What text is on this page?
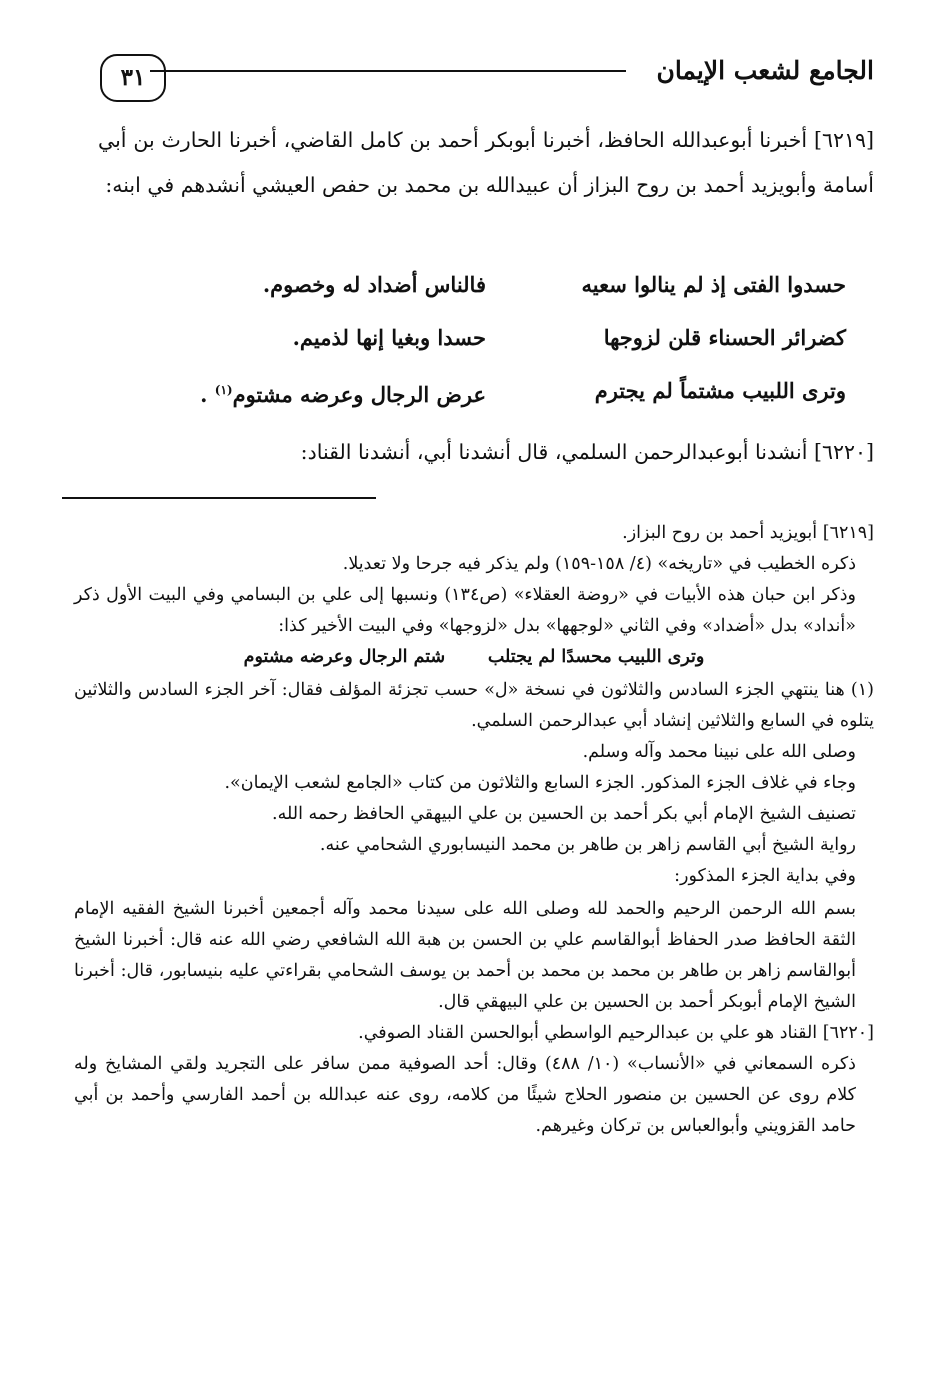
الجامع لشعب الإيمان
٣١

[٦٢١٩] أخبرنا أبوعبدالله الحافظ، أخبرنا أبوبكر أحمد بن كامل القاضي، أخبرنا الحارث بن أبي أسامة وأبويزيد أحمد بن روح البزاز أن عبيدالله بن محمد بن حفص العيشي أنشدهم في ابنه:

حسدوا الفتى إذ لم ينالوا سعيه
فالناس أضداد له وخصوم.
كضرائر الحسناء قلن لزوجها
حسدا وبغيا إنها لذميم.
وترى اللبيب مشتماً لم يجترم
عرض الرجال وعرضه مشتوم$^{(١)}$ .

[٦٢٢٠] أنشدنا أبوعبدالرحمن السلمي، قال أنشدنا أبي، أنشدنا القناد:

[٦٢١٩] أبويزيد أحمد بن روح البزاز.

ذكره الخطيب في «تاريخه» (٤/ ١٥٨-١٥٩) ولم يذكر فيه جرحا ولا تعديلا.

وذكر ابن حبان هذه الأبيات في «روضة العقلاء» (ص١٣٤) ونسبها إلى علي بن البسامي وفي البيت الأول ذكر «أنداد» بدل «أضداد» وفي الثاني «لوجهها» بدل «لزوجها» وفي البيت الأخير كذا:

وترى اللبيب محسدًا لم يجتلب       شتم الرجال وعرضه مشتوم

(١) هنا ينتهي الجزء السادس والثلاثون في نسخة «ل» حسب تجزئة المؤلف فقال: آخر الجزء السادس والثلاثين يتلوه في السابع والثلاثين إنشاد أبي عبدالرحمن السلمي.

وصلى الله على نبينا محمد وآله وسلم.

وجاء في غلاف الجزء المذكور. الجزء السابع والثلاثون من كتاب «الجامع لشعب الإيمان».

تصنيف الشيخ الإمام أبي بكر أحمد بن الحسين بن علي البيهقي الحافظ رحمه الله.

رواية الشيخ أبي القاسم زاهر بن طاهر بن محمد النيسابوري الشحامي عنه.

وفي بداية الجزء المذكور:

بسم الله الرحمن الرحيم والحمد لله وصلى الله على سيدنا محمد وآله أجمعين أخبرنا الشيخ الفقيه الإمام الثقة الحافظ صدر الحفاظ أبوالقاسم علي بن الحسن بن هبة الله الشافعي رضي الله عنه قال: أخبرنا الشيخ أبوالقاسم زاهر بن طاهر بن محمد بن محمد بن أحمد بن يوسف الشحامي بقراءتي عليه بنيسابور، قال: أخبرنا الشيخ الإمام أبوبكر أحمد بن الحسين بن علي البيهقي قال.

[٦٢٢٠] القناد هو علي بن عبدالرحيم الواسطي أبوالحسن القناد الصوفي.

ذكره السمعاني في «الأنساب» (١٠/ ٤٨٨) وقال: أحد الصوفية ممن سافر على التجريد ولقي المشايخ وله كلام روى عن الحسين بن منصور الحلاج شيئًا من كلامه، روى عنه عبدالله بن أحمد الفارسي وأحمد بن أبي حامد القزويني وأبوالعباس بن تركان وغيرهم.
